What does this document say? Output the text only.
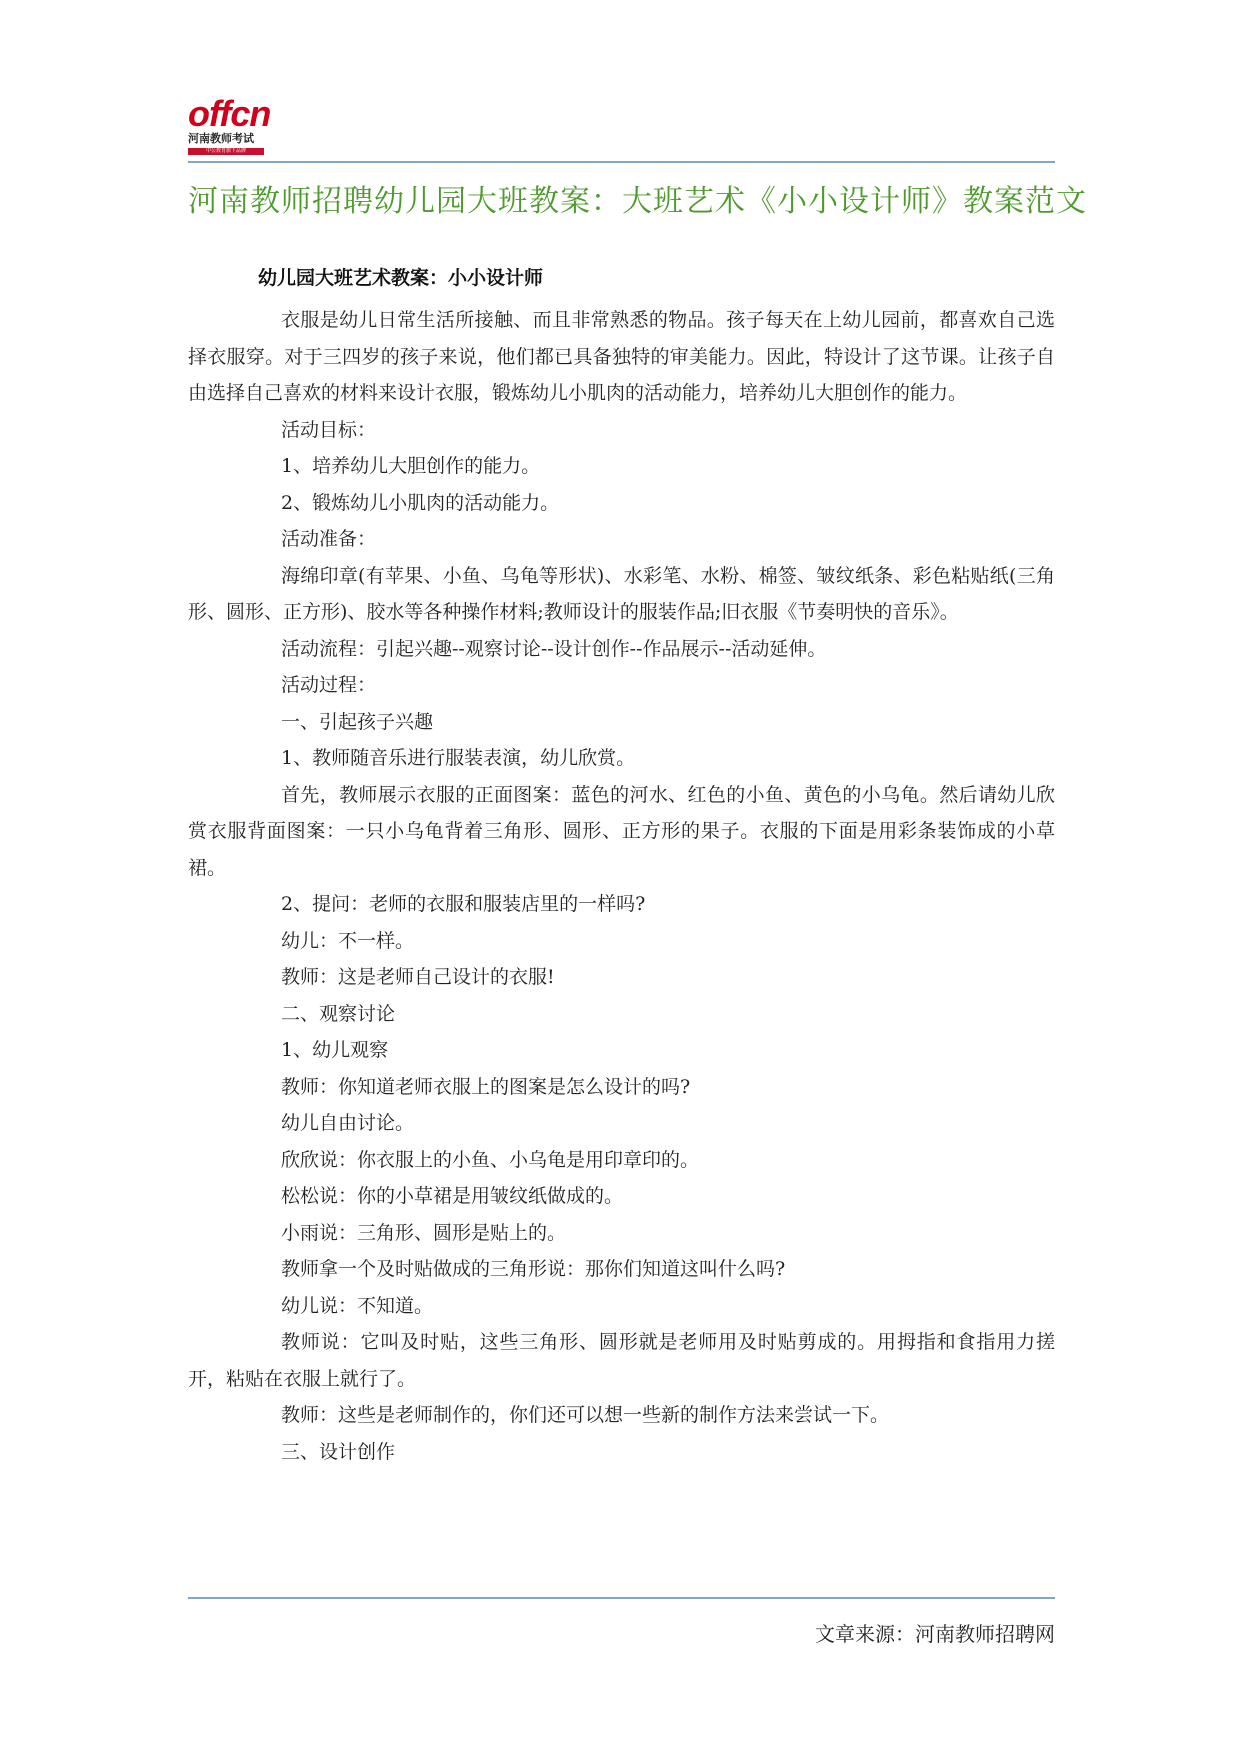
offcn
河南教师考试
中公教育旗下品牌
河南教师招聘幼儿园大班教案：大班艺术《小小设计师》教案范文
幼儿园大班艺术教案：小小设计师

衣服是幼儿日常生活所接触、而且非常熟悉的物品。孩子每天在上幼儿园前，都喜欢自己选择衣服穿。对于三四岁的孩子来说，他们都已具备独特的审美能力。因此，特设计了这节课。让孩子自由选择自己喜欢的材料来设计衣服，锻炼幼儿小肌肉的活动能力，培养幼儿大胆创作的能力。

活动目标：

1、培养幼儿大胆创作的能力。

2、锻炼幼儿小肌肉的活动能力。

活动准备：

海绵印章(有苹果、小鱼、乌龟等形状)、水彩笔、水粉、棉签、皱纹纸条、彩色粘贴纸(三角形、圆形、正方形)、胶水等各种操作材料;教师设计的服装作品;旧衣服《节奏明快的音乐》。

活动流程：引起兴趣--观察讨论--设计创作--作品展示--活动延伸。

活动过程：

一、引起孩子兴趣

1、教师随音乐进行服装表演，幼儿欣赏。

首先，教师展示衣服的正面图案：蓝色的河水、红色的小鱼、黄色的小乌龟。然后请幼儿欣赏衣服背面图案：一只小乌龟背着三角形、圆形、正方形的果子。衣服的下面是用彩条装饰成的小草裙。

2、提问：老师的衣服和服装店里的一样吗?

幼儿：不一样。

教师：这是老师自己设计的衣服!

二、观察讨论

1、幼儿观察

教师：你知道老师衣服上的图案是怎么设计的吗?

幼儿自由讨论。

欣欣说：你衣服上的小鱼、小乌龟是用印章印的。

松松说：你的小草裙是用皱纹纸做成的。

小雨说：三角形、圆形是贴上的。

教师拿一个及时贴做成的三角形说：那你们知道这叫什么吗?

幼儿说：不知道。

教师说：它叫及时贴，这些三角形、圆形就是老师用及时贴剪成的。用拇指和食指用力搓开，粘贴在衣服上就行了。

教师：这些是老师制作的，你们还可以想一些新的制作方法来尝试一下。

三、设计创作

文章来源：河南教师招聘网
